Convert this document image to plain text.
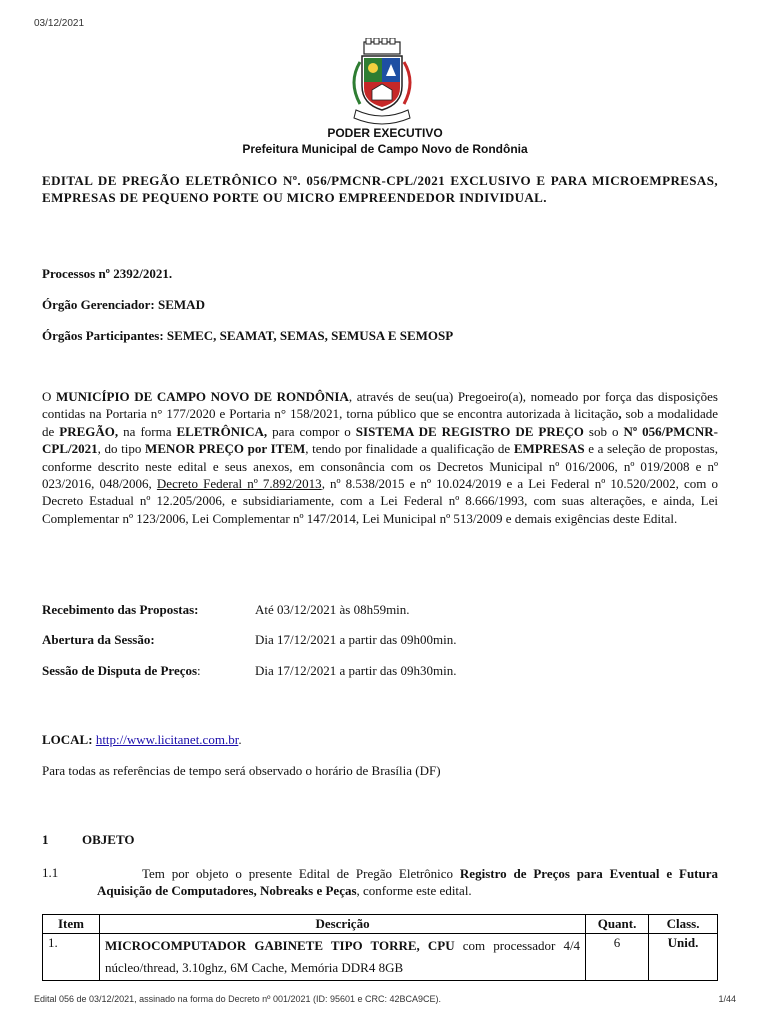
03/12/2021
PODER EXECUTIVO
Prefeitura Municipal de Campo Novo de Rondônia
EDITAL DE PREGÃO ELETRÔNICO Nº. 056/PMCNR-CPL/2021 EXCLUSIVO E PARA MICROEMPRESAS, EMPRESAS DE PEQUENO PORTE OU MICRO EMPREENDEDOR INDIVIDUAL.
Processos nº 2392/2021.
Órgão Gerenciador: SEMAD
Órgãos Participantes: SEMEC, SEAMAT, SEMAS, SEMUSA E SEMOSP
O MUNICÍPIO DE CAMPO NOVO DE RONDÔNIA, através de seu(ua) Pregoeiro(a), nomeado por força das disposições contidas na Portaria n° 177/2020 e Portaria n° 158/2021, torna público que se encontra autorizada à licitação, sob a modalidade de PREGÃO, na forma ELETRÔNICA, para compor o SISTEMA DE REGISTRO DE PREÇO sob o Nº 056/PMCNR-CPL/2021, do tipo MENOR PREÇO por ITEM, tendo por finalidade a qualificação de EMPRESAS e a seleção de propostas, conforme descrito neste edital e seus anexos, em consonância com os Decretos Municipal nº 016/2006, nº 019/2008 e nº 023/2016, 048/2006, Decreto Federal nº 7.892/2013, nº 8.538/2015 e nº 10.024/2019 e a Lei Federal nº 10.520/2002, com o Decreto Estadual nº 12.205/2006, e subsidiariamente, com a Lei Federal nº 8.666/1993, com suas alterações, e ainda, Lei Complementar nº 123/2006, Lei Complementar nº 147/2014, Lei Municipal nº 513/2009 e demais exigências deste Edital.
Recebimento das Propostas:	Até 03/12/2021 às 08h59min.
Abertura da Sessão:	Dia 17/12/2021 a partir das 09h00min.
Sessão de Disputa de Preços:	Dia 17/12/2021 a partir das 09h30min.
LOCAL: http://www.licitanet.com.br.
Para todas as referências de tempo será observado o horário de Brasília (DF)
1	OBJETO
1.1	Tem por objeto o presente Edital de Pregão Eletrônico Registro de Preços para Eventual e Futura Aquisição de Computadores, Nobreaks e Peças, conforme este edital.
Item	Descrição	Quant.	Class.
1.	MICROCOMPUTADOR GABINETE TIPO TORRE, CPU com processador 4/4 núcleo/thread, 3.10ghz, 6M Cache, Memória DDR4 8GB	6	Unid.
Edital 056 de 03/12/2021, assinado na forma do Decreto nº 001/2021 (ID: 95601 e CRC: 42BCA9CE).	1/44
